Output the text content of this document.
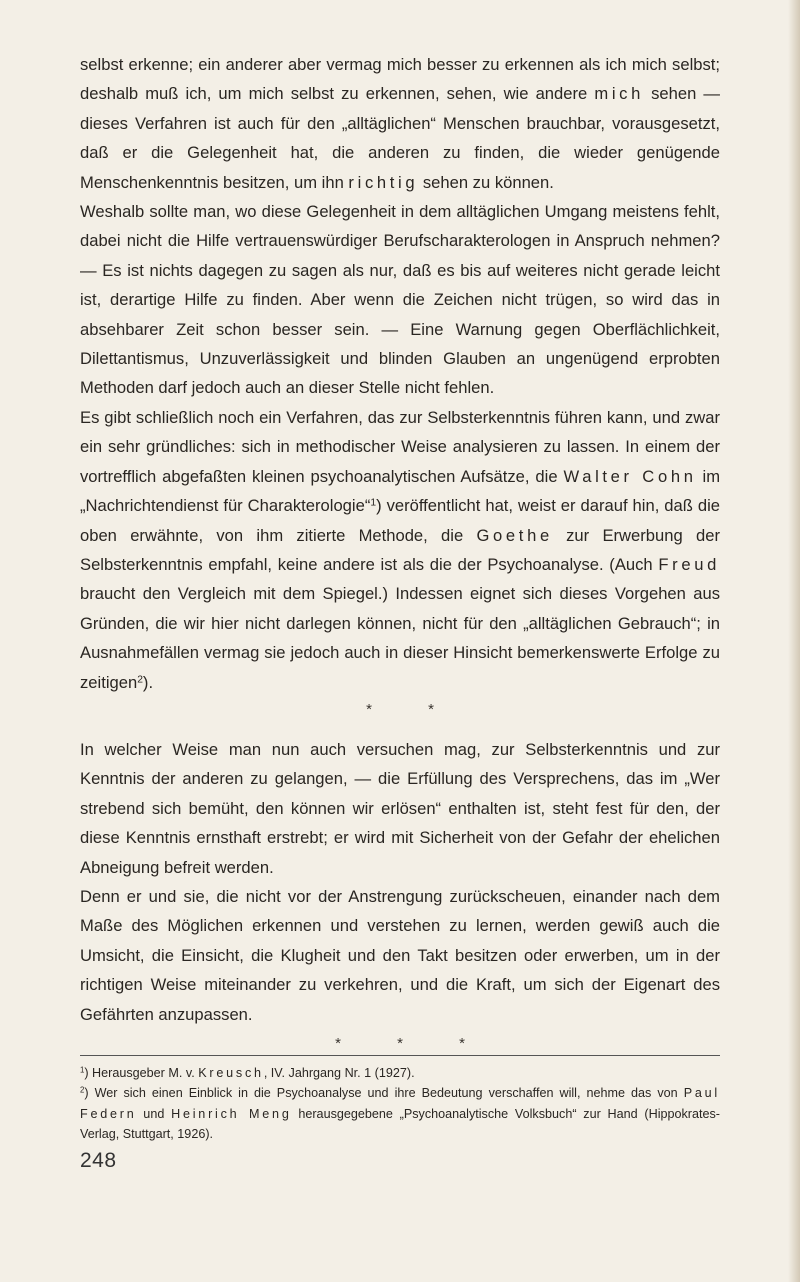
selbst erkenne; ein anderer aber vermag mich besser zu erkennen als ich mich selbst; deshalb muß ich, um mich selbst zu erkennen, sehen, wie andere mich sehen — dieses Verfahren ist auch für den „alltäglichen“ Menschen brauchbar, vorausgesetzt, daß er die Gelegenheit hat, die anderen zu finden, die wieder genügende Menschenkenntnis besitzen, um ihn richtig sehen zu können.

Weshalb sollte man, wo diese Gelegenheit in dem alltäglichen Umgang meistens fehlt, dabei nicht die Hilfe vertrauenswürdiger Berufscharakterologen in Anspruch nehmen? — Es ist nichts dagegen zu sagen als nur, daß es bis auf weiteres nicht gerade leicht ist, derartige Hilfe zu finden. Aber wenn die Zeichen nicht trügen, so wird das in absehbarer Zeit schon besser sein. — Eine Warnung gegen Oberflächlichkeit, Dilettantismus, Unzuverlässigkeit und blinden Glauben an ungenügend erprobten Methoden darf jedoch auch an dieser Stelle nicht fehlen.

Es gibt schließlich noch ein Verfahren, das zur Selbsterkenntnis führen kann, und zwar ein sehr gründliches: sich in methodischer Weise analysieren zu lassen. In einem der vortrefflich abgefaßten kleinen psychoanalytischen Aufsätze, die Walter Cohn im „Nachrichtendienst für Charakterologie“$^1$) veröffentlicht hat, weist er darauf hin, daß die oben erwähnte, von ihm zitierte Methode, die Goethe zur Erwerbung der Selbsterkenntnis empfahl, keine andere ist als die der Psychoanalyse. (Auch Freud braucht den Vergleich mit dem Spiegel.) Indessen eignet sich dieses Vorgehen aus Gründen, die wir hier nicht darlegen können, nicht für den „alltäglichen Gebrauch“; in Ausnahmefällen vermag sie jedoch auch in dieser Hinsicht bemerkenswerte Erfolge zu zeitigen$^2$).

* *

In welcher Weise man nun auch versuchen mag, zur Selbsterkenntnis und zur Kenntnis der anderen zu gelangen, — die Erfüllung des Versprechens, das im „Wer strebend sich bemüht, den können wir erlösen“ enthalten ist, steht fest für den, der diese Kenntnis ernsthaft erstrebt; er wird mit Sicherheit von der Gefahr der ehelichen Abneigung befreit werden.

Denn er und sie, die nicht vor der Anstrengung zurückscheuen, einander nach dem Maße des Möglichen erkennen und verstehen zu lernen, werden gewiß auch die Umsicht, die Einsicht, die Klugheit und den Takt besitzen oder erwerben, um in der richtigen Weise miteinander zu verkehren, und die Kraft, um sich der Eigenart des Gefährten anzupassen.

* * *

$^1$) Herausgeber M. v. Kreusch, IV. Jahrgang Nr. 1 (1927).

$^2$) Wer sich einen Einblick in die Psychoanalyse und ihre Bedeutung verschaffen will, nehme das von Paul Federn und Heinrich Meng herausgegebene „Psychoanalytische Volksbuch“ zur Hand (Hippokrates-Verlag, Stuttgart, 1926).

248
